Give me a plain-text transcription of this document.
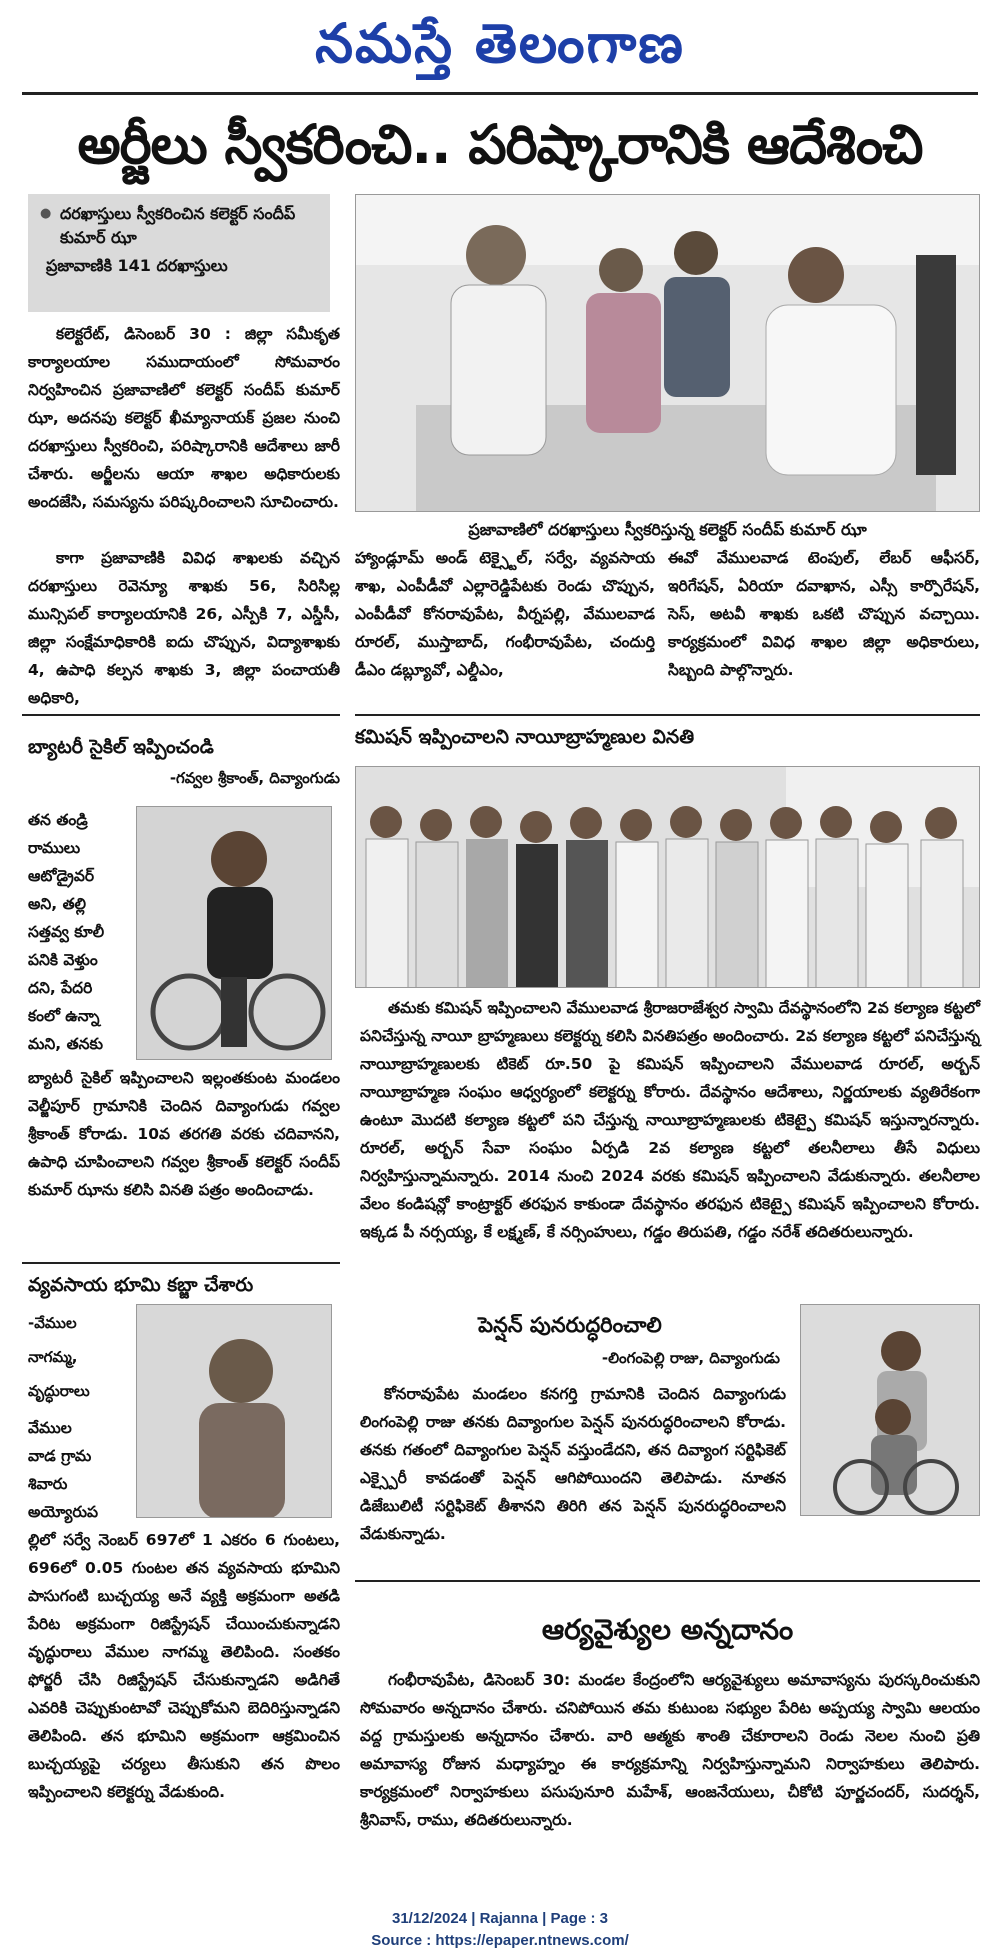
నమస్తే తెలంగాణ
అర్జీలు స్వీకరించి.. పరిష్కారానికి ఆదేశించి
● దరఖాస్తులు స్వీకరించిన కలెక్టర్ సందీప్ కుమార్ ఝా
ప్రజావాణికి 141 దరఖాస్తులు
ప్రజావాణిలో దరఖాస్తులు స్వీకరిస్తున్న కలెక్టర్ సందీప్ కుమార్ ఝా
కలెక్టరేట్, డిసెంబర్ 30 : జిల్లా సమీకృత కార్యాలయాల సముదాయంలో సోమవారం నిర్వహించిన ప్రజావాణిలో కలెక్టర్ సందీప్ కుమార్ ఝా, అదనపు కలెక్టర్ ఖీమ్యానాయక్ ప్రజల నుంచి దరఖాస్తులు స్వీకరించి, పరిష్కారానికి ఆదేశాలు జారీ చేశారు. అర్జీలను ఆయా శాఖల అధికారులకు అందజేసి, సమస్యను పరిష్కరించాలని సూచించారు.
కాగా ప్రజావాణికి వివిధ శాఖలకు వచ్చిన దరఖాస్తులు రెవెన్యూ శాఖకు 56, సిరిసిల్ల మున్సిపల్ కార్యాలయానికి 26, ఎస్పీకి 7, ఎస్డీసీ, జిల్లా సంక్షేమాధికారికి ఐదు చొప్పున, విద్యాశాఖకు 4, ఉపాధి కల్పన శాఖకు 3, జిల్లా పంచాయతీ అధికారి,
హ్యాండ్లూమ్ అండ్ టెక్స్టైల్, సర్వే, వ్యవసాయ శాఖ, ఎంపీడీవో ఎల్లారెడ్డిపేటకు రెండు చొప్పున, ఎంపీడీవో కోనరావుపేట, వీర్నపల్లి, వేములవాడ రూరల్, ముస్తాబాద్, గంభీరావుపేట, చందుర్తి డీఎం డబ్ల్యూవో, ఎల్డీఎం,
ఈవో వేములవాడ టెంపుల్, లేబర్ ఆఫీసర్, ఇరిగేషన్, ఏరియా దవాఖాన, ఎస్సీ కార్పొరేషన్, సెస్, అటవీ శాఖకు ఒకటి చొప్పున వచ్చాయి. కార్యక్రమంలో వివిధ శాఖల జిల్లా అధికారులు, సిబ్బంది పాల్గొన్నారు.
బ్యాటరీ సైకిల్ ఇప్పించండి
-గవ్వల శ్రీకాంత్, దివ్యాంగుడు
తన తండ్రి
రాములు
ఆటోడ్రైవర్
అని, తల్లి
సత్తవ్వ కూలీ
పనికి వెళ్తుం
దని, పేదరి
కంలో ఉన్నా
మని, తనకు
బ్యాటరీ సైకిల్ ఇప్పించాలని ఇల్లంతకుంట మండలం వెల్జీపూర్ గ్రామానికి చెందిన దివ్యాంగుడు గవ్వల శ్రీకాంత్ కోరాడు. 10వ తరగతి వరకు చదివానని, ఉపాధి చూపించాలని గవ్వల శ్రీకాంత్ కలెక్టర్ సందీప్ కుమార్ ఝాను కలిసి వినతి పత్రం అందించాడు.
వ్యవసాయ భూమి కబ్జా చేశారు
-వేముల
నాగమ్మ,
వృద్ధురాలు
వేముల
వాడ గ్రామ
శివారు
అయ్యోరుప
ల్లిలో సర్వే నెంబర్ 697లో 1 ఎకరం 6 గుంటలు, 696లో 0.05 గుంటల తన వ్యవసాయ భూమిని పాసుగంటి బుచ్చయ్య అనే వ్యక్తి అక్రమంగా అతడి పేరిట అక్రమంగా రిజిస్ట్రేషన్ చేయించుకున్నాడని వృద్ధురాలు వేముల నాగమ్మ తెలిపింది. సంతకం ఫోర్జరీ చేసి రిజిస్ట్రేషన్ చేసుకున్నాడని అడిగితే ఎవరికి చెప్పుకుంటావో చెప్పుకోమని బెదిరిస్తున్నాడని తెలిపింది. తన భూమిని అక్రమంగా ఆక్రమించిన బుచ్చయ్యపై చర్యలు తీసుకుని తన పొలం ఇప్పించాలని కలెక్టర్ను వేడుకుంది.
కమిషన్ ఇప్పించాలని నాయీబ్రాహ్మణుల వినతి
తమకు కమిషన్ ఇప్పించాలని వేములవాడ శ్రీరాజరాజేశ్వర స్వామి దేవస్థానంలోని 2వ కల్యాణ కట్టలో పనిచేస్తున్న నాయీ బ్రాహ్మణులు కలెక్టర్ను కలిసి వినతిపత్రం అందించారు. 2వ కల్యాణ కట్టలో పనిచేస్తున్న నాయీబ్రాహ్మణులకు టికెట్ రూ.50 పై కమిషన్ ఇప్పించాలని వేములవాడ రూరల్, అర్బన్ నాయీబ్రాహ్మణ సంఘం ఆధ్వర్యంలో కలెక్టర్ను కోరారు. దేవస్థానం ఆదేశాలు, నిర్ణయాలకు వ్యతిరేకంగా ఉంటూ మొదటి కల్యాణ కట్టలో పని చేస్తున్న నాయీబ్రాహ్మణులకు టికెట్పై కమిషన్ ఇస్తున్నారన్నారు. రూరల్, అర్బన్ సేవా సంఘం ఏర్పడి 2వ కల్యాణ కట్టలో తలనీలాలు తీసే విధులు నిర్వహిస్తున్నామన్నారు. 2014 నుంచి 2024 వరకు కమిషన్ ఇప్పించాలని వేడుకున్నారు. తలనీలాల వేలం కండిషన్లో కాంట్రాక్టర్ తరఫున కాకుండా దేవస్థానం తరఫున టికెట్పై కమిషన్ ఇప్పించాలని కోరారు. ఇక్కడ పీ నర్సయ్య, కే లక్ష్మణ్, కే నర్సింహులు, గడ్డం తిరుపతి, గడ్డం నరేశ్ తదితరులున్నారు.
పెన్షన్ పునరుద్ధరించాలి
-లింగంపెల్లి రాజు, దివ్యాంగుడు
కోనరావుపేట మండలం కనగర్తి గ్రామానికి చెందిన దివ్యాంగుడు లింగంపెల్లి రాజు తనకు దివ్యాంగుల పెన్షన్ పునరుద్ధరించాలని కోరాడు. తనకు గతంలో దివ్యాంగుల పెన్షన్ వస్తుండేదని, తన దివ్యాంగ సర్టిఫికెట్ ఎక్స్పైరీ కావడంతో పెన్షన్ ఆగిపోయిందని తెలిపాడు. నూతన డిజేబులిటీ సర్టిఫికెట్ తీశానని తిరిగి తన పెన్షన్ పునరుద్ధరించాలని వేడుకున్నాడు.
ఆర్యవైశ్యుల అన్నదానం
గంభీరావుపేట, డిసెంబర్ 30: మండల కేంద్రంలోని ఆర్యవైశ్యులు అమావాస్యను పురస్కరించుకుని సోమవారం అన్నదానం చేశారు. చనిపోయిన తమ కుటుంబ సభ్యుల పేరిట అప్పయ్య స్వామి ఆలయం వద్ద గ్రామస్తులకు అన్నదానం చేశారు. వారి ఆత్మకు శాంతి చేకూరాలని రెండు నెలల నుంచి ప్రతి అమావాస్య రోజున మధ్యాహ్నం ఈ కార్యక్రమాన్ని నిర్వహిస్తున్నామని నిర్వాహకులు తెలిపారు. కార్యక్రమంలో నిర్వాహకులు పసుపునూరి మహేశ్, ఆంజనేయులు, చీకోటి పూర్ణచందర్, సుదర్శన్, శ్రీనివాస్, రాము, తదితరులున్నారు.
31/12/2024 | Rajanna | Page : 3
Source : https://epaper.ntnews.com/
